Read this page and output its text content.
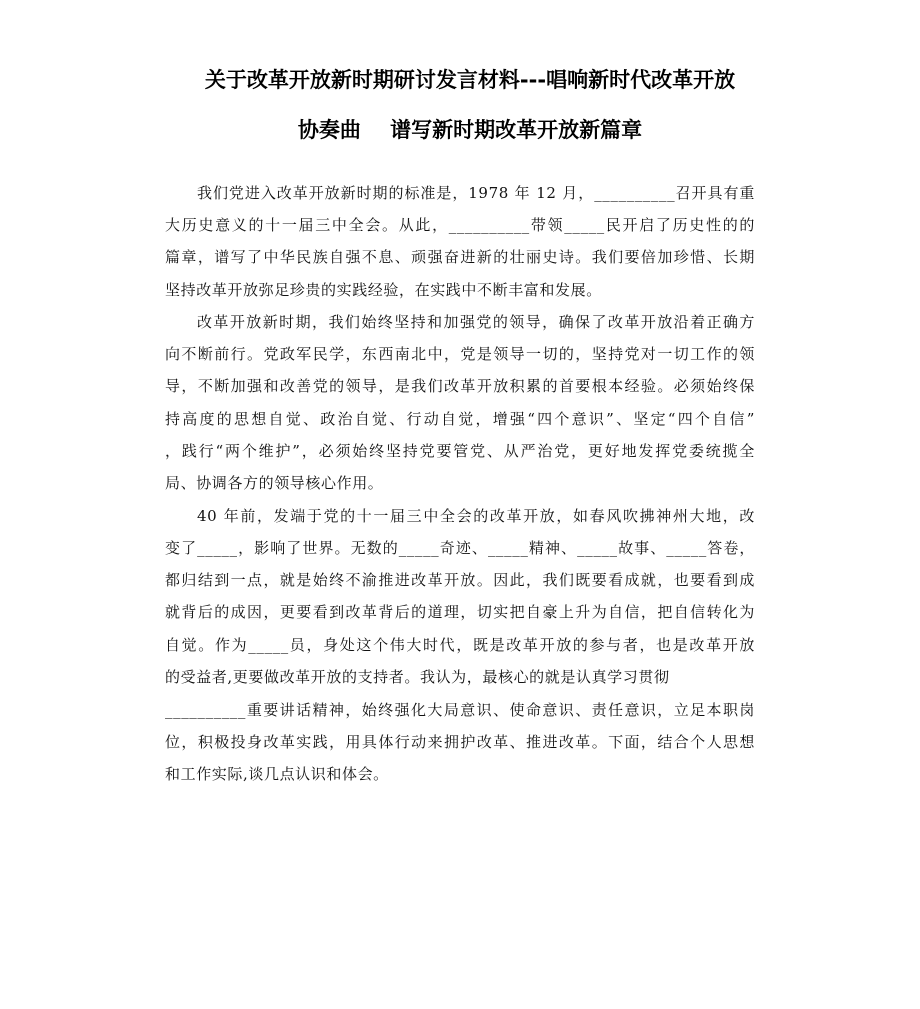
关于改革开放新时期研讨发言材料---唱响新时代改革开放
协奏曲    谱写新时期改革开放新篇章
我们党进入改革开放新时期的标准是，1978 年 12 月，__________召开具有重
大历史意义的十一届三中全会。从此，__________带领_____民开启了历史性的的
篇章，谱写了中华民族自强不息、顽强奋进新的壮丽史诗。我们要倍加珍惜、长期
坚持改革开放弥足珍贵的实践经验，在实践中不断丰富和发展。
改革开放新时期，我们始终坚持和加强党的领导，确保了改革开放沿着正确方
向不断前行。党政军民学，东西南北中，党是领导一切的，坚持党对一切工作的领
导，不断加强和改善党的领导，是我们改革开放积累的首要根本经验。必须始终保
持高度的思想自觉、政治自觉、行动自觉，增强“四个意识”、坚定“四个自信”
，践行“两个维护”，必须始终坚持党要管党、从严治党，更好地发挥党委统揽全
局、协调各方的领导核心作用。
40 年前，发端于党的十一届三中全会的改革开放，如春风吹拂神州大地，改
变了_____，影响了世界。无数的_____奇迹、_____精神、_____故事、_____答卷，
都归结到一点，就是始终不渝推进改革开放。因此，我们既要看成就，也要看到成
就背后的成因，更要看到改革背后的道理，切实把自豪上升为自信，把自信转化为
自觉。作为_____员，身处这个伟大时代，既是改革开放的参与者，也是改革开放
的受益者,更要做改革开放的支持者。我认为，最核心的就是认真学习贯彻
__________重要讲话精神，始终强化大局意识、使命意识、责任意识，立足本职岗
位，积极投身改革实践，用具体行动来拥护改革、推进改革。下面，结合个人思想
和工作实际,谈几点认识和体会。
